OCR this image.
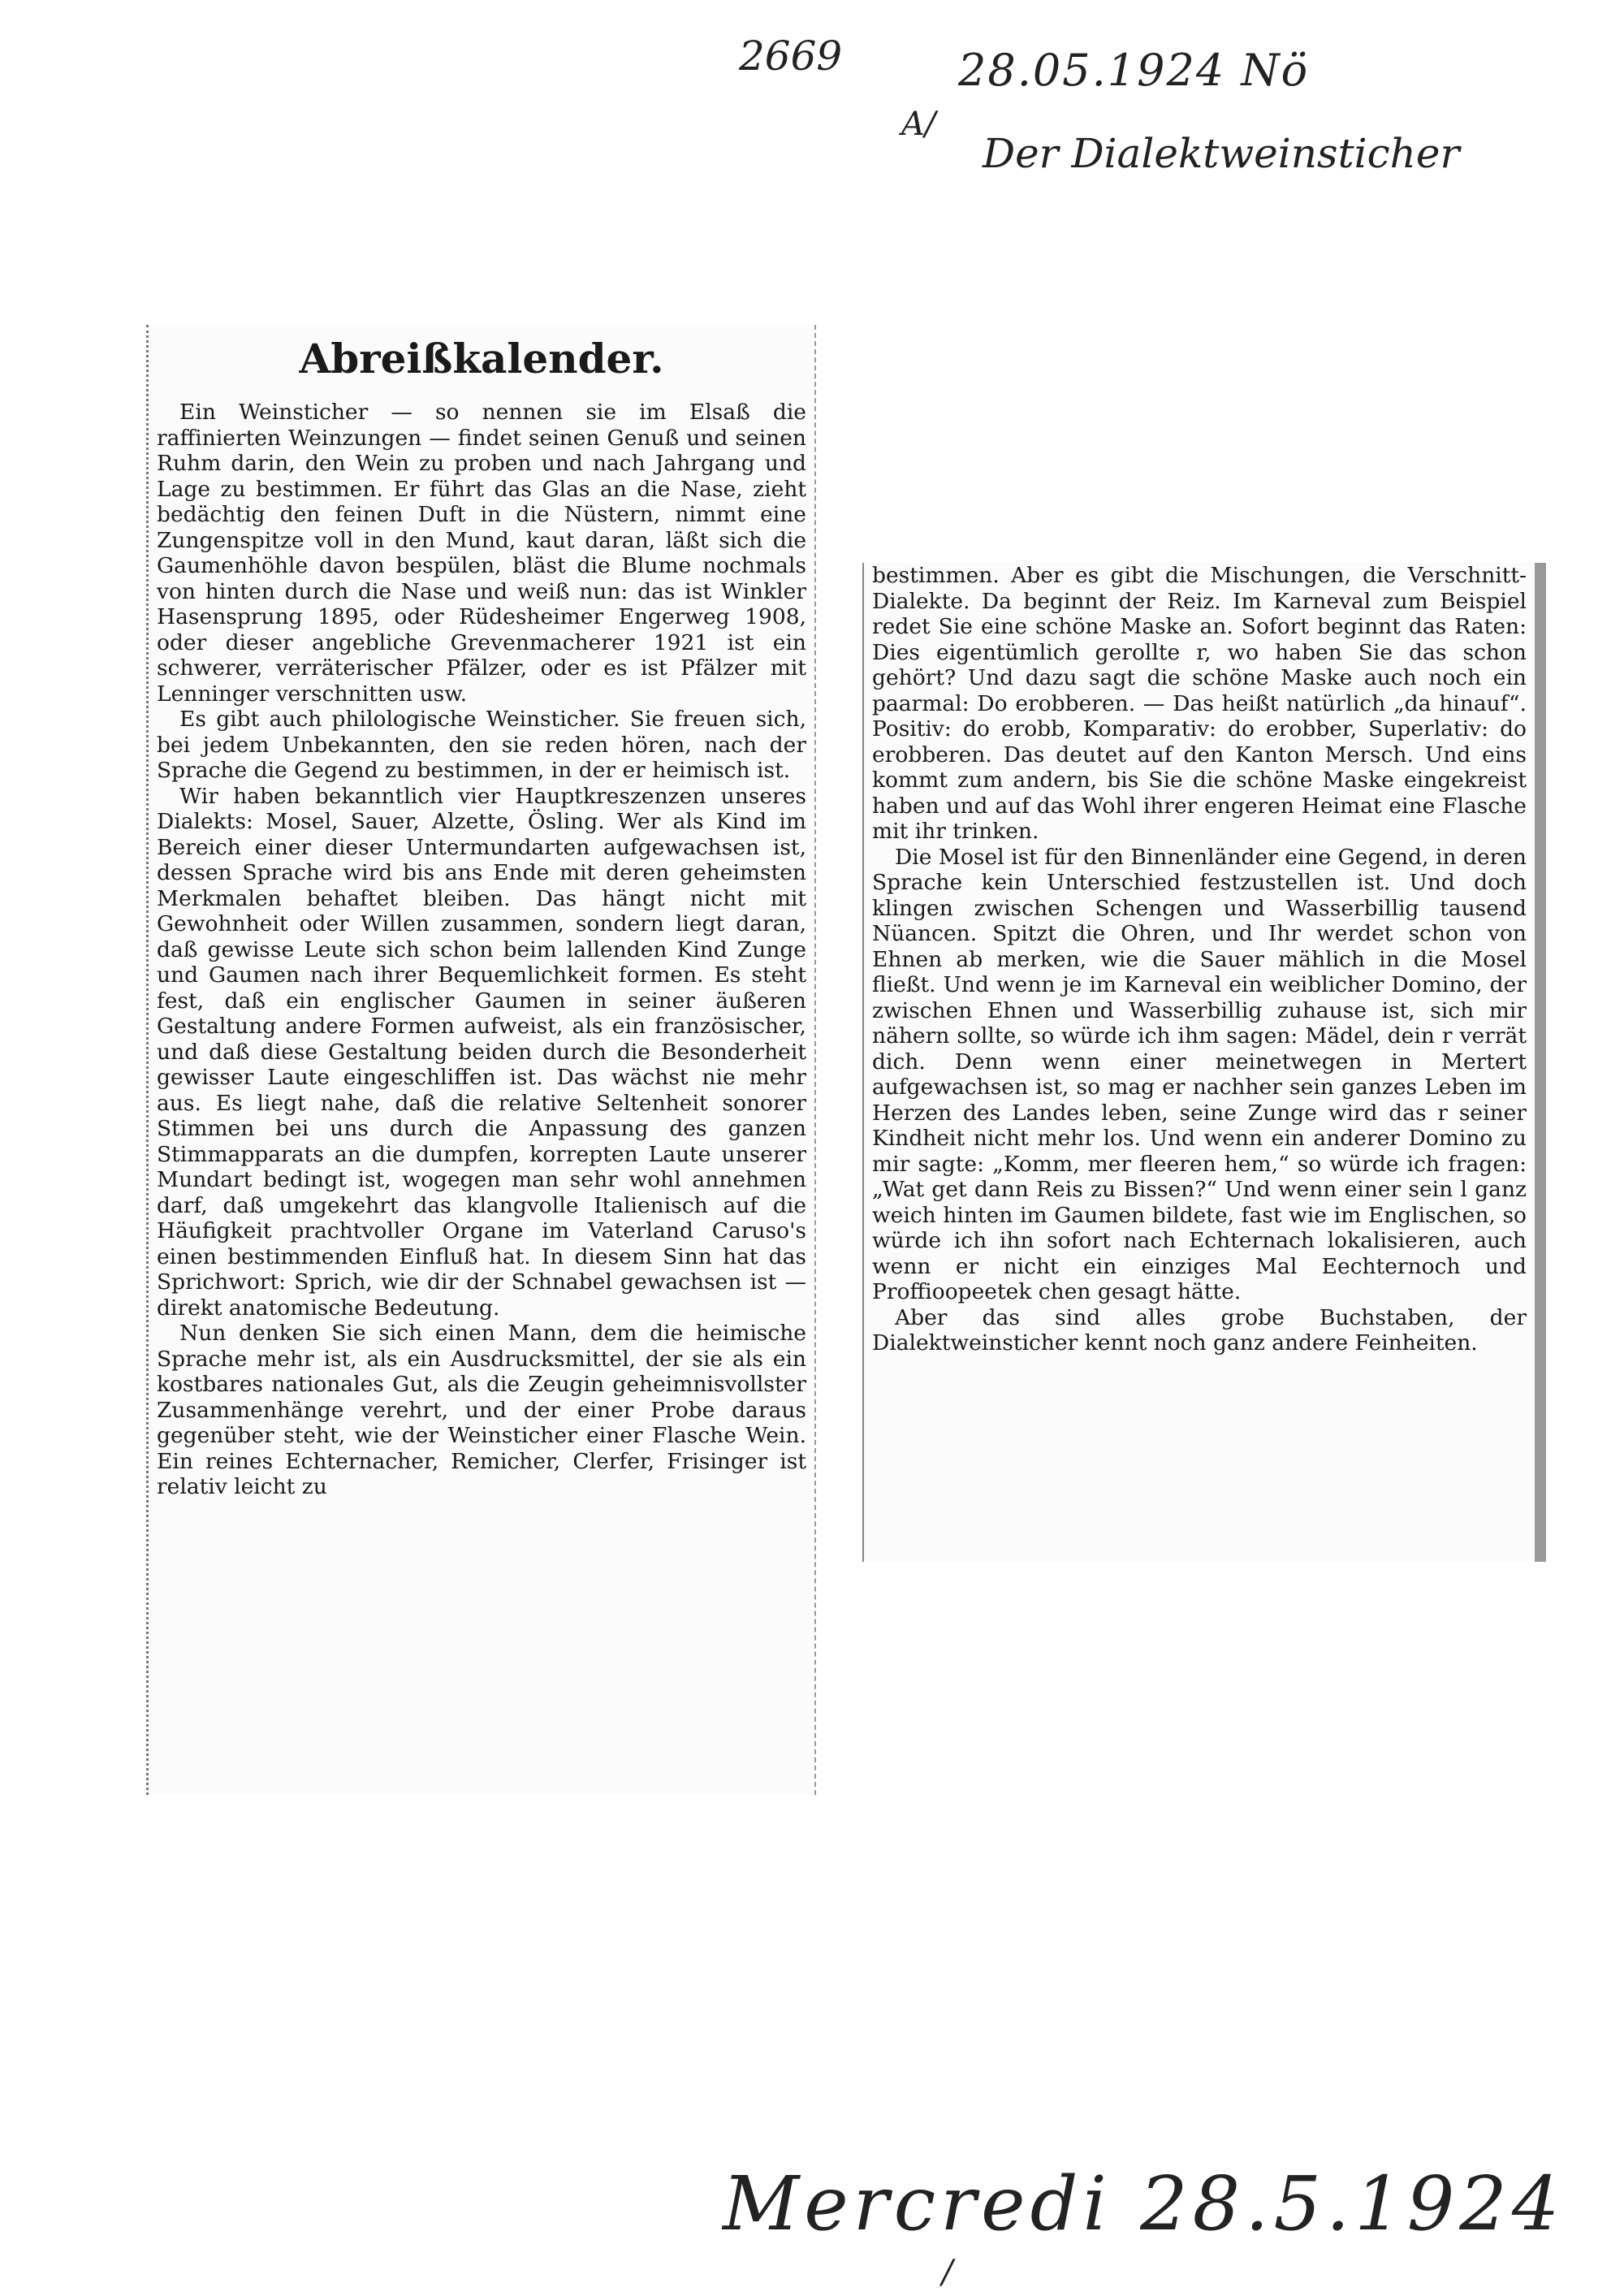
2669	28.05.1924 Nö
A/
Der Dialektweinsticher
Abreißkalender.

Ein Weinsticher — so nennen sie im Elsaß die raffinierten Weinzungen — findet seinen Genuß und seinen Ruhm darin, den Wein zu proben und nach Jahrgang und Lage zu bestimmen. Er führt das Glas an die Nase, zieht bedächtig den feinen Duft in die Nüstern, nimmt eine Zungenspitze voll in den Mund, kaut daran, läßt sich die Gaumenhöhle davon bespülen, bläst die Blume nochmals von hinten durch die Nase und weiß nun: das ist Winkler Hasensprung 1895, oder Rüdesheimer Engerweg 1908, oder dieser angebliche Grevenmacherer 1921 ist ein schwerer, verräterischer Pfälzer, oder es ist Pfälzer mit Lenninger verschnitten usw.

Es gibt auch philologische Weinsticher. Sie freuen sich, bei jedem Unbekannten, den sie reden hören, nach der Sprache die Gegend zu bestimmen, in der er heimisch ist.

Wir haben bekanntlich vier Hauptkreszenzen unseres Dialekts: Mosel, Sauer, Alzette, Ösling. Wer als Kind im Bereich einer dieser Untermundarten aufgewachsen ist, dessen Sprache wird bis ans Ende mit deren geheimsten Merkmalen behaftet bleiben. Das hängt nicht mit Gewohnheit oder Willen zusammen, sondern liegt daran, daß gewisse Leute sich schon beim lallenden Kind Zunge und Gaumen nach ihrer Bequemlichkeit formen. Es steht fest, daß ein englischer Gaumen in seiner äußeren Gestaltung andere Formen aufweist, als ein französischer, und daß diese Gestaltung beiden durch die Besonderheit gewisser Laute eingeschliffen ist. Das wächst nie mehr aus. Es liegt nahe, daß die relative Seltenheit sonorer Stimmen bei uns durch die Anpassung des ganzen Stimmapparats an die dumpfen, korrepten Laute unserer Mundart bedingt ist, wogegen man sehr wohl annehmen darf, daß umgekehrt das klangvolle Italienisch auf die Häufigkeit prachtvoller Organe im Vaterland Caruso's einen bestimmenden Einfluß hat. In diesem Sinn hat das Sprichwort: Sprich, wie dir der Schnabel gewachsen ist — direkt anatomische Bedeutung.

Nun denken Sie sich einen Mann, dem die heimische Sprache mehr ist, als ein Ausdrucksmittel, der sie als ein kostbares nationales Gut, als die Zeugin geheimnisvollster Zusammenhänge verehrt, und der einer Probe daraus gegenüber steht, wie der Weinsticher einer Flasche Wein. Ein reines Echternacher, Remicher, Clerfer, Frisinger ist relativ leicht zu

bestimmen. Aber es gibt die Mischungen, die Verschnitt-Dialekte. Da beginnt der Reiz. Im Karneval zum Beispiel redet Sie eine schöne Maske an. Sofort beginnt das Raten: Dies eigentümlich gerollte r, wo haben Sie das schon gehört? Und dazu sagt die schöne Maske auch noch ein paarmal: Do erobberen. — Das heißt natürlich „da hinauf“. Positiv: do erobb, Komparativ: do erobber, Superlativ: do erobberen. Das deutet auf den Kanton Mersch. Und eins kommt zum andern, bis Sie die schöne Maske eingekreist haben und auf das Wohl ihrer engeren Heimat eine Flasche mit ihr trinken.

Die Mosel ist für den Binnenländer eine Gegend, in deren Sprache kein Unterschied festzustellen ist. Und doch klingen zwischen Schengen und Wasserbillig tausend Nüancen. Spitzt die Ohren, und Ihr werdet schon von Ehnen ab merken, wie die Sauer mählich in die Mosel fließt. Und wenn je im Karneval ein weiblicher Domino, der zwischen Ehnen und Wasserbillig zuhause ist, sich mir nähern sollte, so würde ich ihm sagen: Mädel, dein r verrät dich. Denn wenn einer meinetwegen in Mertert aufgewachsen ist, so mag er nachher sein ganzes Leben im Herzen des Landes leben, seine Zunge wird das r seiner Kindheit nicht mehr los. Und wenn ein anderer Domino zu mir sagte: „Komm, mer fleeren hem,“ so würde ich fragen: „Wat get dann Reis zu Bissen?“ Und wenn einer sein l ganz weich hinten im Gaumen bildete, fast wie im Englischen, so würde ich ihn sofort nach Echternach lokalisieren, auch wenn er nicht ein einziges Mal Eechternoch und Proffioopeetek chen gesagt hätte.

Aber das sind alles grobe Buchstaben, der Dialektweinsticher kennt noch ganz andere Feinheiten.

Mercredi 28.5.1924
/
